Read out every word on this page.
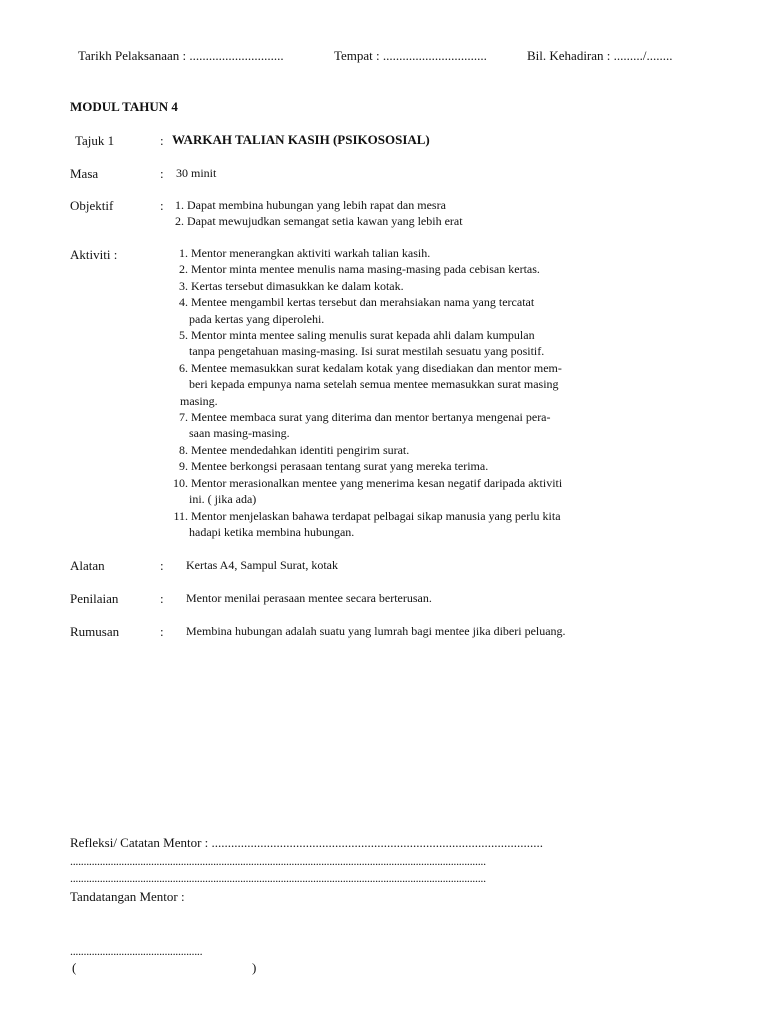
Tarikh Pelaksanaan : .............................	Tempat : ................................	Bil. Kehadiran : ........./........
MODUL TAHUN 4
Tajuk 1	: WARKAH TALIAN KASIH (PSIKOSOSIAL)
Masa	: 30 minit
Objektif	: 1. Dapat membina hubungan yang lebih rapat dan mesra
2. Dapat mewujudkan semangat setia kawan yang lebih erat
Aktiviti :	1. Mentor menerangkan aktiviti warkah talian kasih.
2. Mentor minta mentee menulis nama masing-masing pada cebisan kertas.
3. Kertas tersebut dimasukkan ke dalam kotak.
4. Mentee mengambil kertas tersebut dan merahsiakan nama yang tercatat
pada kertas yang diperolehi.
5. Mentor minta mentee saling menulis surat kepada ahli dalam kumpulan
tanpa pengetahuan masing-masing. Isi surat mestilah sesuatu yang positif.
6. Mentee memasukkan surat kedalam kotak yang disediakan dan mentor mem-
beri kepada empunya nama setelah semua mentee memasukkan surat masing
masing.
7. Mentee membaca surat yang diterima dan mentor bertanya mengenai pera-
saan masing-masing.
8. Mentee mendedahkan identiti pengirim surat.
9. Mentee berkongsi perasaan tentang surat yang mereka terima.
10. Mentor merasionalkan mentee yang menerima kesan negatif daripada aktiviti
ini. ( jika ada)
11. Mentor menjelaskan bahawa terdapat pelbagai sikap manusia yang perlu kita
hadapi ketika membina hubungan.
Alatan	: Kertas A4, Sampul Surat, kotak
Penilaian	: Mentor menilai perasaan mentee secara berterusan.
Rumusan	: Membina hubungan adalah suatu yang lumrah bagi mentee jika diberi peluang.
Refleksi/ Catatan Mentor : ......................................................................................................
..........................................................................................................................................................
..........................................................................................................................................................
Tandatangan Mentor :
.................................................
(	)
